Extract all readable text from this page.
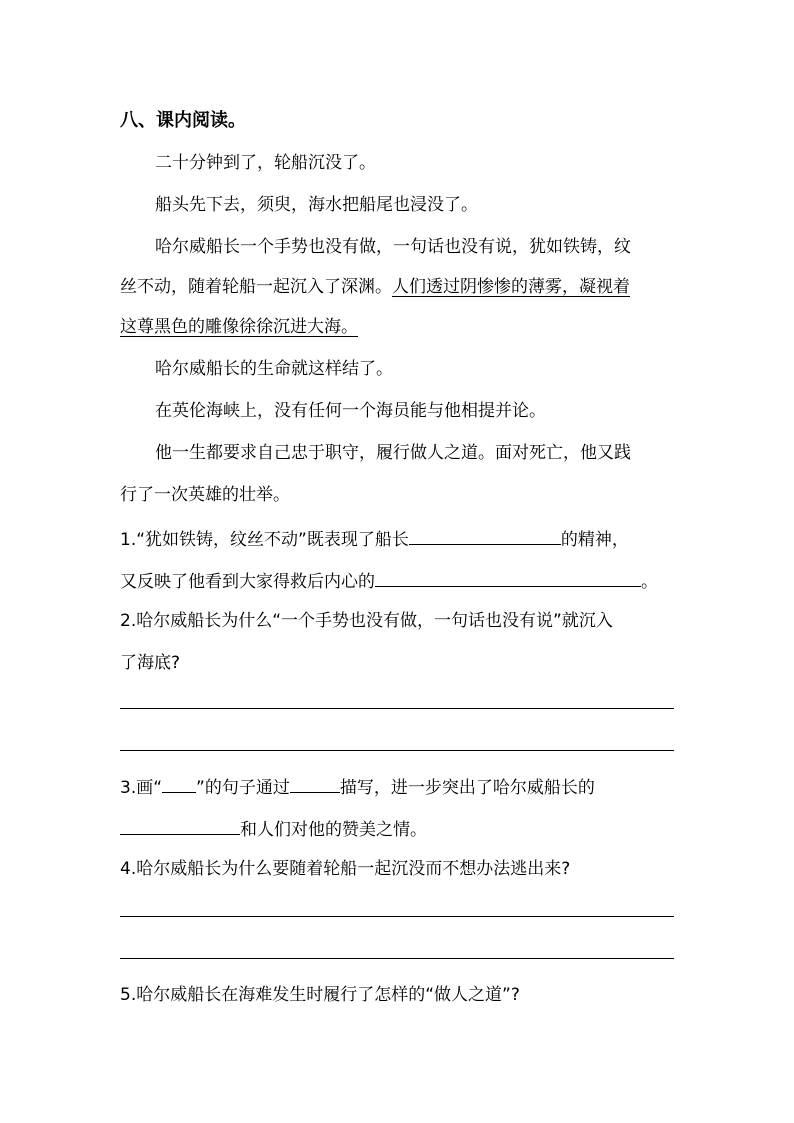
八、课内阅读。
二十分钟到了，轮船沉没了。
船头先下去，须臾，海水把船尾也浸没了。
哈尔威船长一个手势也没有做，一句话也没有说，犹如铁铸，纹
丝不动，随着轮船一起沉入了深渊。人们透过阴惨惨的薄雾，凝视着
这尊黑色的雕像徐徐沉进大海。
哈尔威船长的生命就这样结了。
在英伦海峡上，没有任何一个海员能与他相提并论。
他一生都要求自己忠于职守，履行做人之道。面对死亡，他又践
行了一次英雄的壮举。
1.“犹如铁铸，纹丝不动”既表现了船长	的精神，
又反映了他看到大家得救后内心的	。
2.哈尔威船长为什么“一个手势也没有做，一句话也没有说”就沉入
了海底?
3.画“ ”的句子通过	描写，进一步突出了哈尔威船长的
和人们对他的赞美之情。
4.哈尔威船长为什么要随着轮船一起沉没而不想办法逃出来?
5.哈尔威船长在海难发生时履行了怎样的“做人之道”?
